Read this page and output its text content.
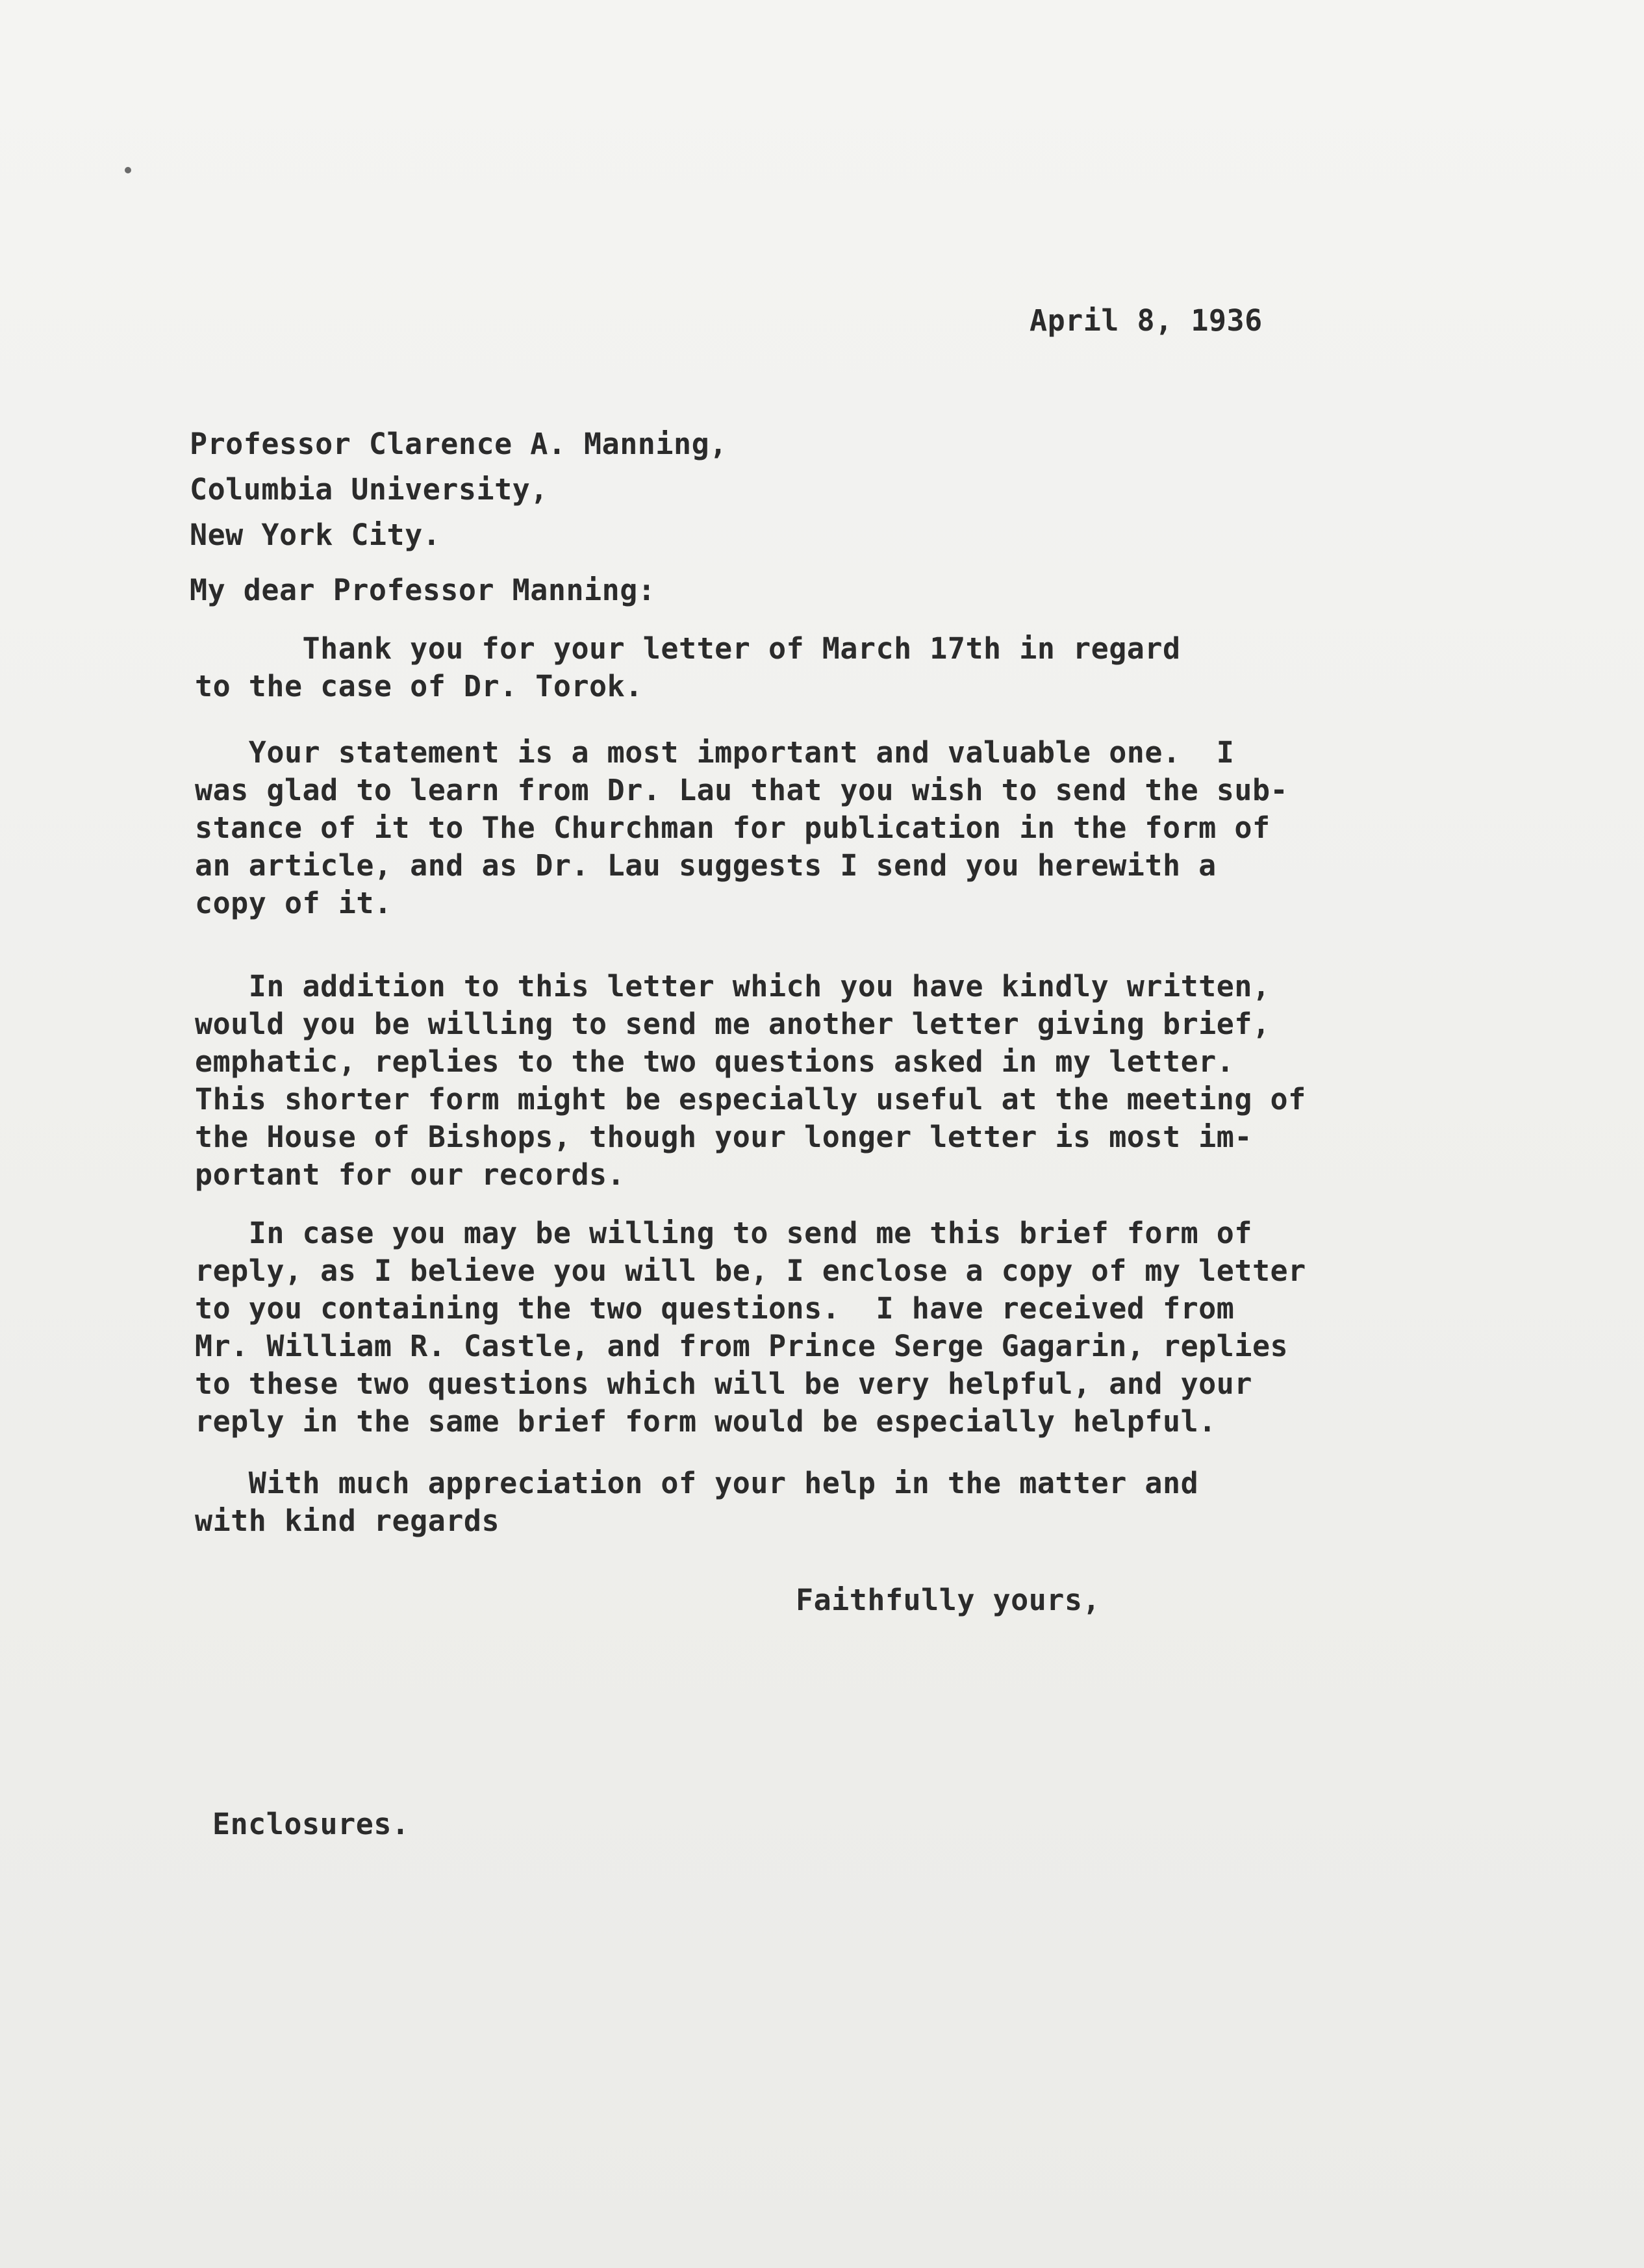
April 8, 1936
Professor Clarence A. Manning,
Columbia University,
New York City.
My dear Professor Manning:
Thank you for your letter of March 17th in regard
to the case of Dr. Torok.
Your statement is a most important and valuable one.  I
was glad to learn from Dr. Lau that you wish to send the sub-
stance of it to The Churchman for publication in the form of
an article, and as Dr. Lau suggests I send you herewith a
copy of it.
In addition to this letter which you have kindly written,
would you be willing to send me another letter giving brief,
emphatic, replies to the two questions asked in my letter.
This shorter form might be especially useful at the meeting of
the House of Bishops, though your longer letter is most im-
portant for our records.
In case you may be willing to send me this brief form of
reply, as I believe you will be, I enclose a copy of my letter
to you containing the two questions.  I have received from
Mr. William R. Castle, and from Prince Serge Gagarin, replies
to these two questions which will be very helpful, and your
reply in the same brief form would be especially helpful.
With much appreciation of your help in the matter and
with kind regards
Faithfully yours,
Enclosures.
